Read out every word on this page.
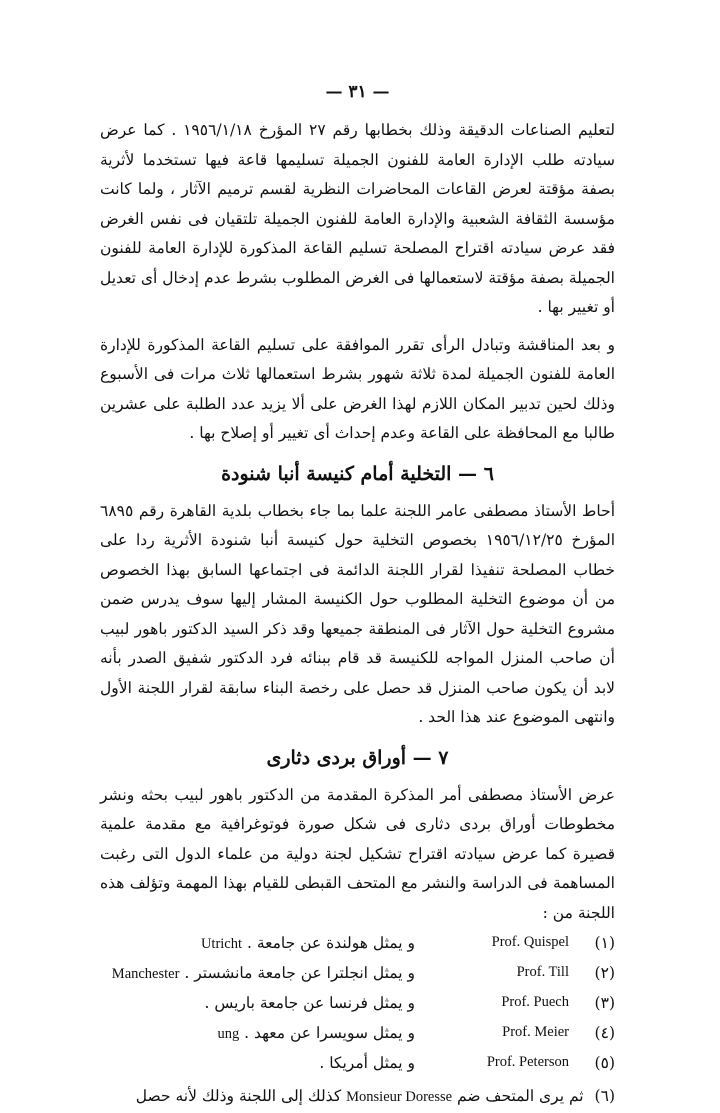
— ٣١ —

لتعليم الصناعات الدقيقة وذلك بخطابها رقم ٢٧ المؤرخ ١٩٥٦/١/١٨ . كما عرض سيادته طلب الإدارة العامة للفنون الجميلة تسليمها قاعة فيها تستخدما لأثرية بصفة مؤقتة لعرض القاعات المحاضرات النظرية لقسم ترميم الآثار ، ولما كانت مؤسسة الثقافة الشعبية والإدارة العامة للفنون الجميلة تلتقيان فى نفس الغرض فقد عرض سيادته اقتراح المصلحة تسليم القاعة المذكورة للإدارة العامة للفنون الجميلة بصفة مؤقتة لاستعمالها فى الغرض المطلوب بشرط عدم إدخال أى تعديل أو تغيير بها .

و بعد المناقشة وتبادل الرأى تقرر الموافقة على تسليم القاعة المذكورة للإدارة العامة للفنون الجميلة لمدة ثلاثة شهور بشرط استعمالها ثلاث مرات فى الأسبوع وذلك لحين تدبير المكان اللازم لهذا الغرض على ألا يزيد عدد الطلبة على عشرين طالبا مع المحافظة على القاعة وعدم إحداث أى تغيير أو إصلاح بها .

٦ — التخلية أمام كنيسة أنبا شنودة

أحاط الأستاذ مصطفى عامر اللجنة علما بما جاء بخطاب بلدية القاهرة رقم ٦٨٩٥ المؤرخ ١٩٥٦/١٢/٢٥ بخصوص التخلية حول كنيسة أنبا شنودة الأثرية ردا على خطاب المصلحة تنفيذا لقرار اللجنة الدائمة فى اجتماعها السابق بهذا الخصوص من أن موضوع التخلية المطلوب حول الكنيسة المشار إليها سوف يدرس ضمن مشروع التخلية حول الآثار فى المنطقة جميعها وقد ذكر السيد الدكتور باهور لبيب أن صاحب المنزل المواجه للكنيسة قد قام ببنائه فرد الدكتور شفيق الصدر بأنه لابد أن يكون صاحب المنزل قد حصل على رخصة البناء سابقة لقرار اللجنة الأول وانتهى الموضوع عند هذا الحد .

٧ — أوراق بردى دثارى

عرض الأستاذ مصطفى أمر المذكرة المقدمة من الدكتور باهور لبيب بحثه ونشر مخطوطات أوراق بردى دثارى فى شكل صورة فوتوغرافية مع مقدمة علمية قصيرة كما عرض سيادته اقتراح تشكيل لجنة دولية من علماء الدول التى رغبت المساهمة فى الدراسة والنشر مع المتحف القبطى للقيام بهذا المهمة وتؤلف هذه اللجنة من :

(١)
Prof. Quispel
و يمثل هولندة عن جامعة . Utricht
(٢)
Prof. Till
و يمثل انجلترا عن جامعة مانشستر . Manchester
(٣)
Prof. Puech
و يمثل فرنسا عن جامعة باريس .
(٤)
Prof. Meier
و يمثل سويسرا عن معهد . ung
(٥)
Prof. Peterson
و يمثل أمريكا .
(٦) ثم يرى المتحف ضم Monsieur Doresse كذلك إلى اللجنة وذلك لأنه حصل
